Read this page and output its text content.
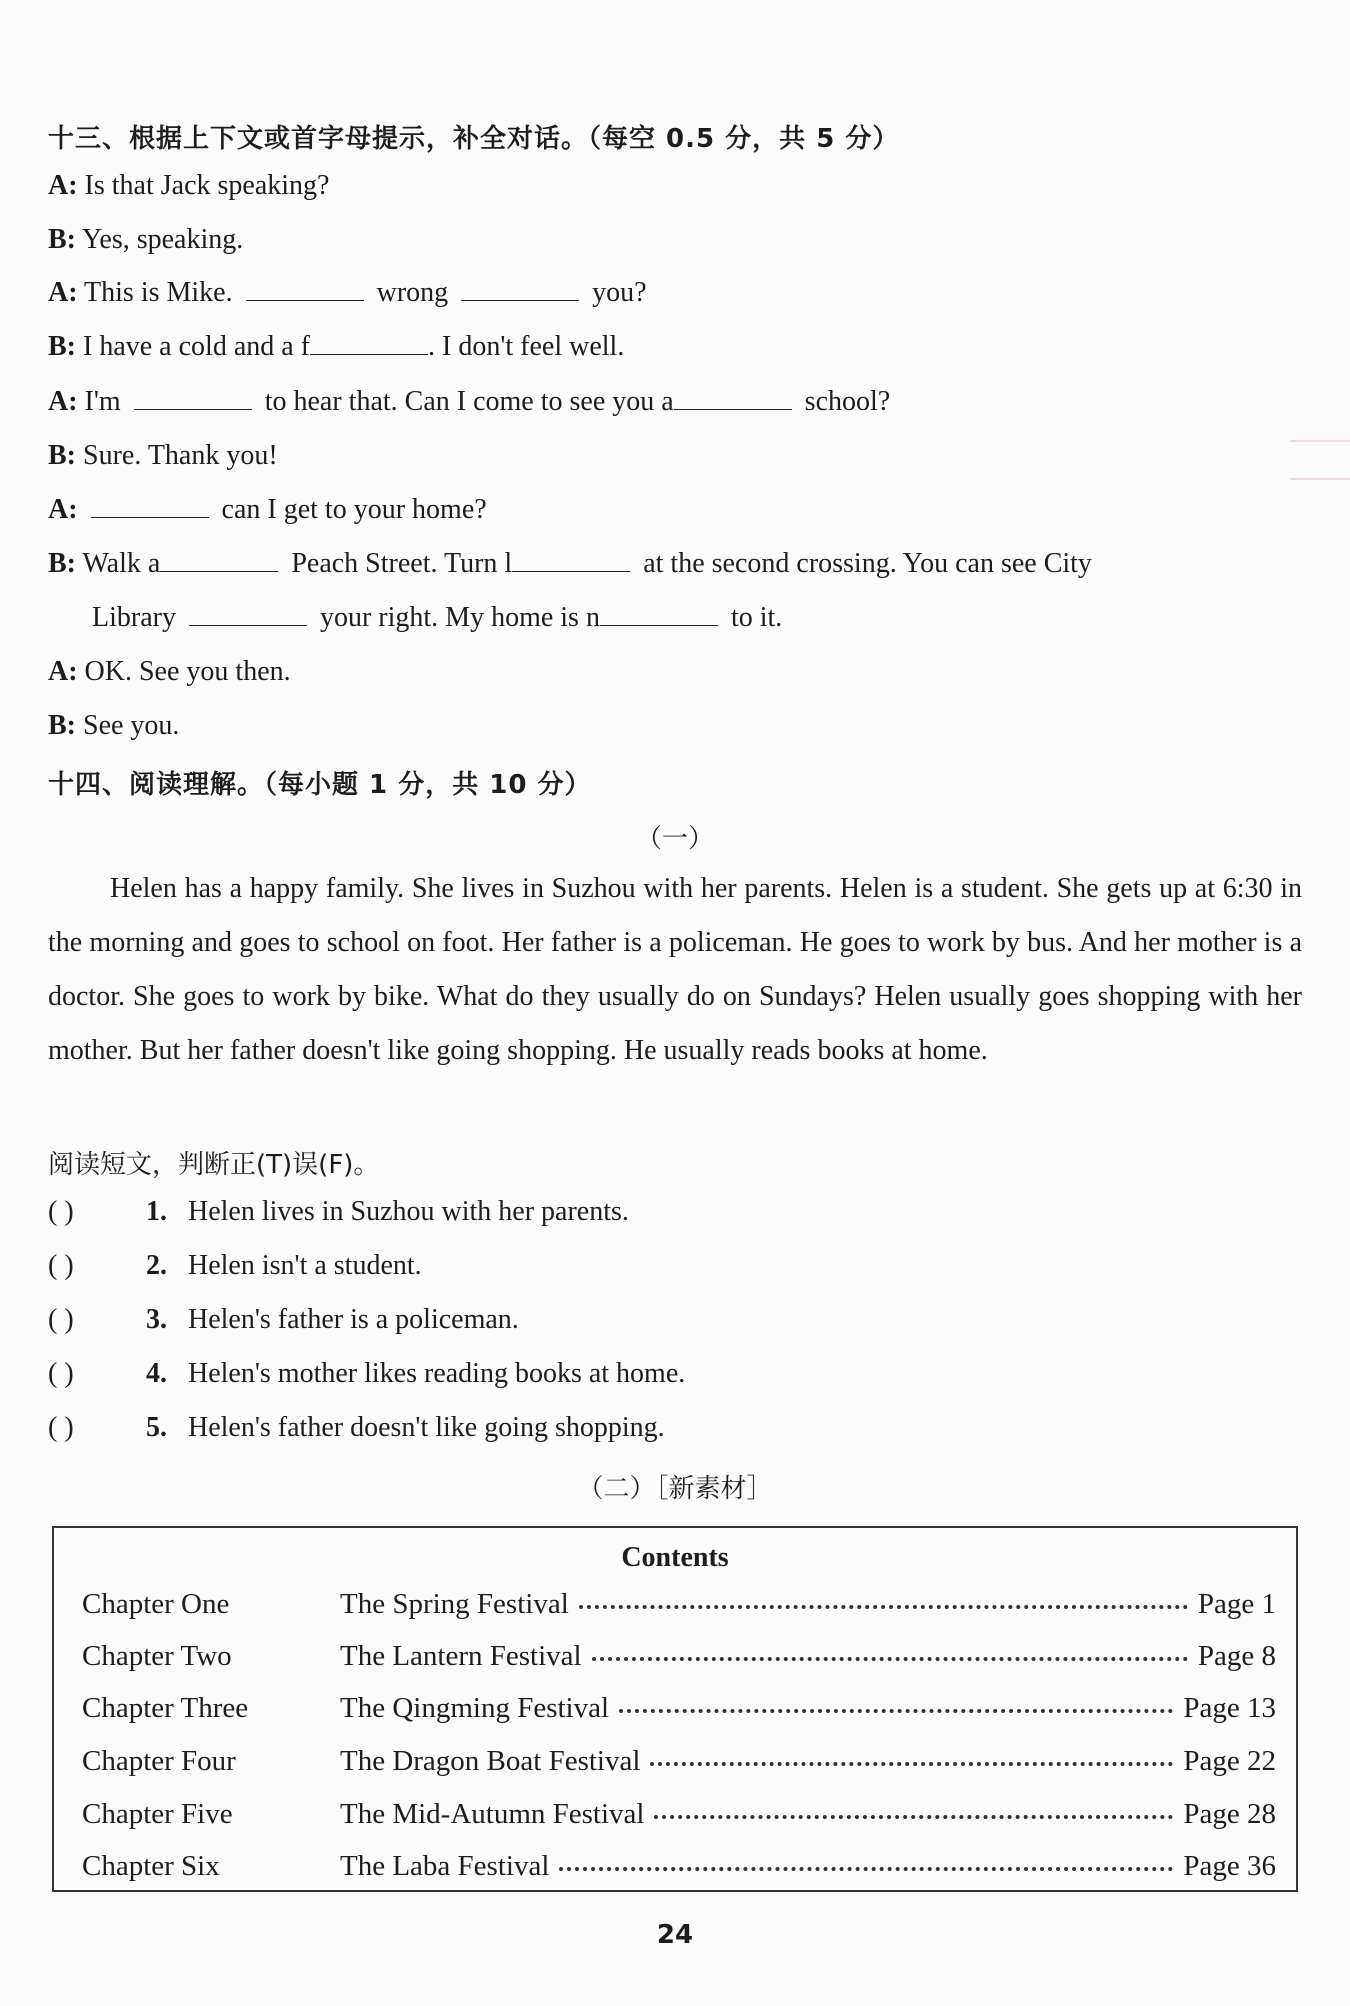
十三、根据上下文或首字母提示，补全对话。（每空 0.5 分，共 5 分）
A: Is that Jack speaking?
B: Yes, speaking.
A: This is Mike.	wrong	you?
B: I have a cold and a f	. I don't feel well.
A: I'm	to hear that. Can I come to see you a	school?
B: Sure. Thank you!
A:	can I get to your home?
B: Walk a	Peach Street. Turn l	at the second crossing. You can see City
Library	your right. My home is n	to it.
A: OK. See you then.
B: See you.
十四、阅读理解。（每小题 1 分，共 10 分）
（一）
Helen has a happy family. She lives in Suzhou with her parents. Helen is a student. She gets up at 6:30 in the morning and goes to school on foot. Her father is a policeman. He goes to work by bus. And her mother is a doctor. She goes to work by bike. What do they usually do on Sundays? Helen usually goes shopping with her mother. But her father doesn't like going shopping. He usually reads books at home.
阅读短文，判断正(T)误(F)。
( )	1. Helen lives in Suzhou with her parents.
( )	2. Helen isn't a student.
( )	3. Helen's father is a policeman.
( )	4. Helen's mother likes reading books at home.
( )	5. Helen's father doesn't like going shopping.
（二）［新素材］
Contents
Chapter One	The Spring Festival	Page 1
Chapter Two	The Lantern Festival	Page 8
Chapter Three	The Qingming Festival	Page 13
Chapter Four	The Dragon Boat Festival	Page 22
Chapter Five	The Mid-Autumn Festival	Page 28
Chapter Six	The Laba Festival	Page 36
24
